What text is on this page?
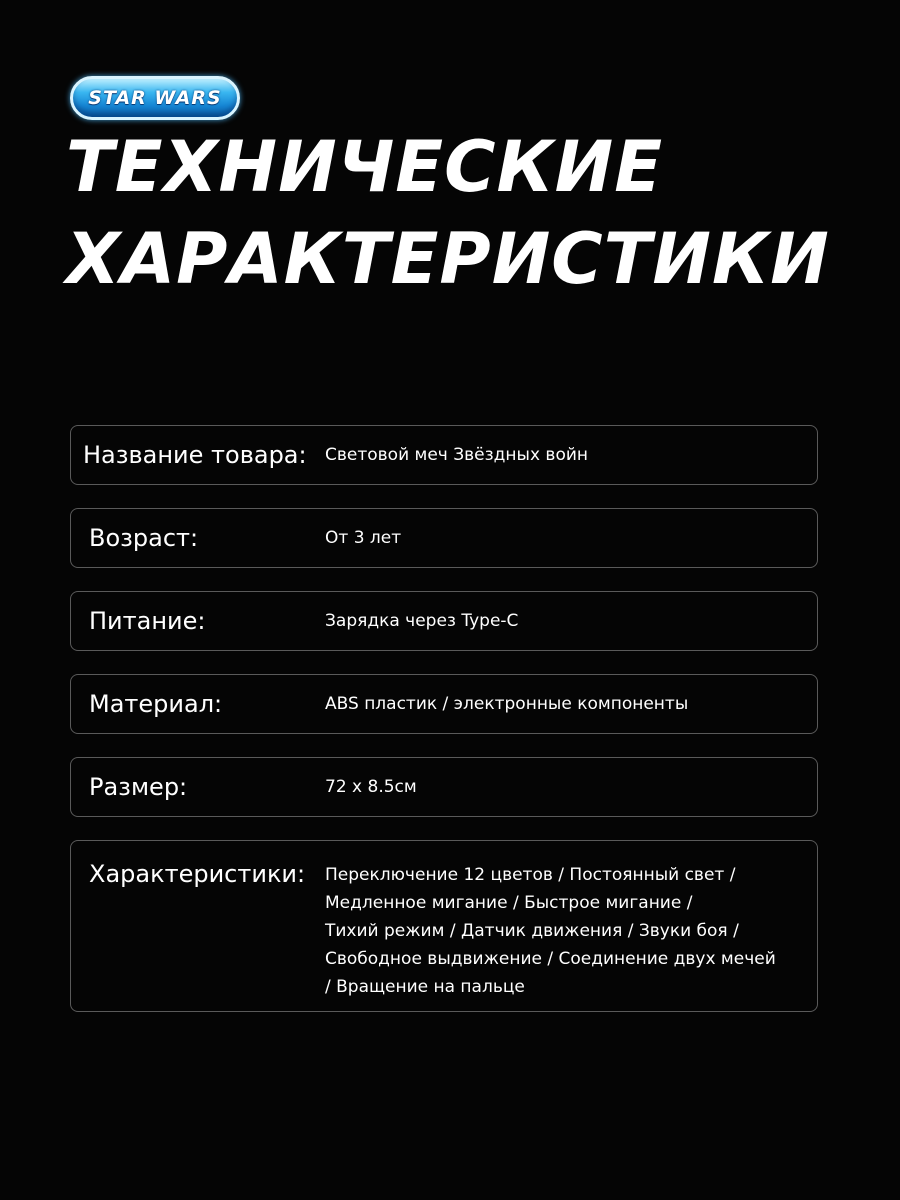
STAR WARS
ТЕХНИЧЕСКИЕ
ХАРАКТЕРИСТИКИ
Название товара: Световой меч Звёздных войн
Возраст:	От 3 лет
Питание:	Зарядка через Type-C
Материал:	ABS пластик / электронные компоненты
Размер:	72 x 8.5см
Характеристики: Переключение 12 цветов / Постоянный свет /
Медленное мигание / Быстрое мигание /
Тихий режим / Датчик движения / Звуки боя /
Свободное выдвижение / Соединение двух мечей
/ Вращение на пальце
